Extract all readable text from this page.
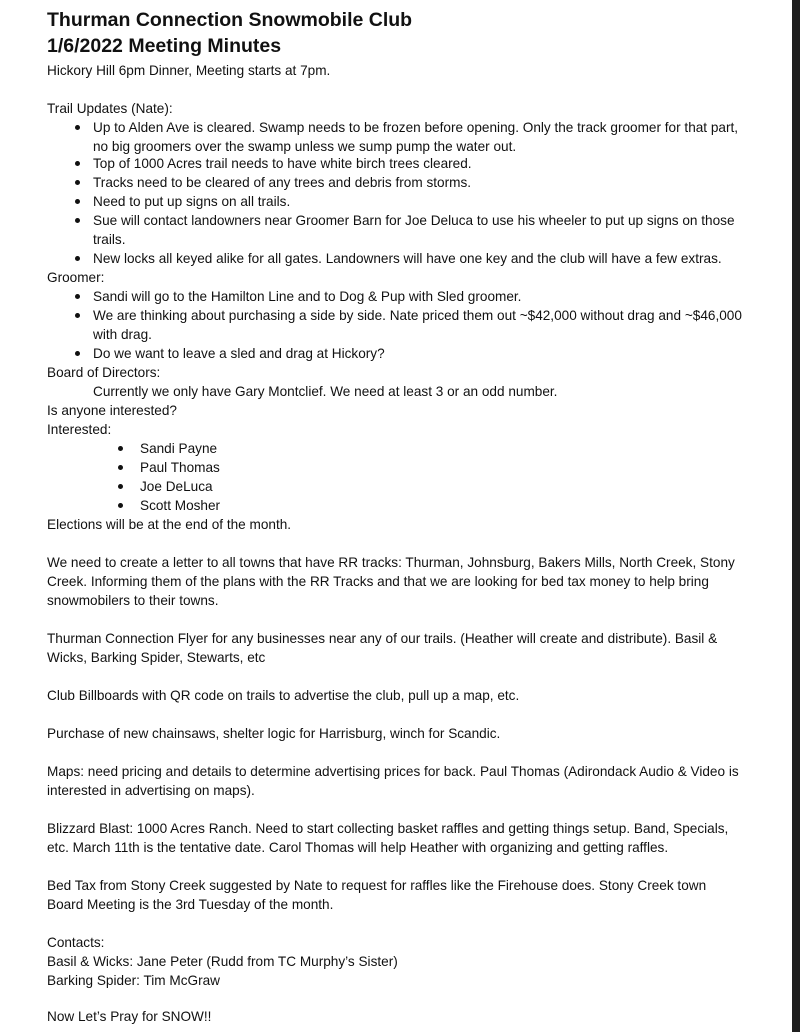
Thurman Connection Snowmobile Club
1/6/2022 Meeting Minutes

Hickory Hill 6pm Dinner, Meeting starts at 7pm.

Trail Updates (Nate):

Up to Alden Ave is cleared. Swamp needs to be frozen before opening. Only the track groomer for that part,

no big groomers over the swamp unless we sump pump the water out.

Top of 1000 Acres trail needs to have white birch trees cleared.

Tracks need to be cleared of any trees and debris from storms.

Need to put up signs on all trails.

Sue will contact landowners near Groomer Barn for Joe Deluca to use his wheeler to put up signs on those

trails.

New locks all keyed alike for all gates. Landowners will have one key and the club will have a few extras.

Groomer:

Sandi will go to the Hamilton Line and to Dog & Pup with Sled groomer.

We are thinking about purchasing a side by side. Nate priced them out ~$42,000 without drag and ~$46,000

with drag.

Do we want to leave a sled and drag at Hickory?

Board of Directors:

Currently we only have Gary Montclief. We need at least 3 or an odd number.

Is anyone interested?

Interested:

Sandi Payne

Paul Thomas

Joe DeLuca

Scott Mosher

Elections will be at the end of the month.

We need to create a letter to all towns that have RR tracks: Thurman, Johnsburg, Bakers Mills, North Creek, Stony

Creek. Informing them of the plans with the RR Tracks and that we are looking for bed tax money to help bring

snowmobilers to their towns.

Thurman Connection Flyer for any businesses near any of our trails. (Heather will create and distribute). Basil &

Wicks, Barking Spider, Stewarts, etc

Club Billboards with QR code on trails to advertise the club, pull up a map, etc.

Purchase of new chainsaws, shelter logic for Harrisburg, winch for Scandic.

Maps: need pricing and details to determine advertising prices for back. Paul Thomas (Adirondack Audio & Video is

interested in advertising on maps).

Blizzard Blast: 1000 Acres Ranch. Need to start collecting basket raffles and getting things setup. Band, Specials,

etc. March 11th is the tentative date. Carol Thomas will help Heather with organizing and getting raffles.

Bed Tax from Stony Creek suggested by Nate to request for raffles like the Firehouse does. Stony Creek town

Board Meeting is the 3rd Tuesday of the month.

Contacts:

Basil & Wicks: Jane Peter (Rudd from TC Murphy’s Sister)

Barking Spider: Tim McGraw

Now Let’s Pray for SNOW!!
